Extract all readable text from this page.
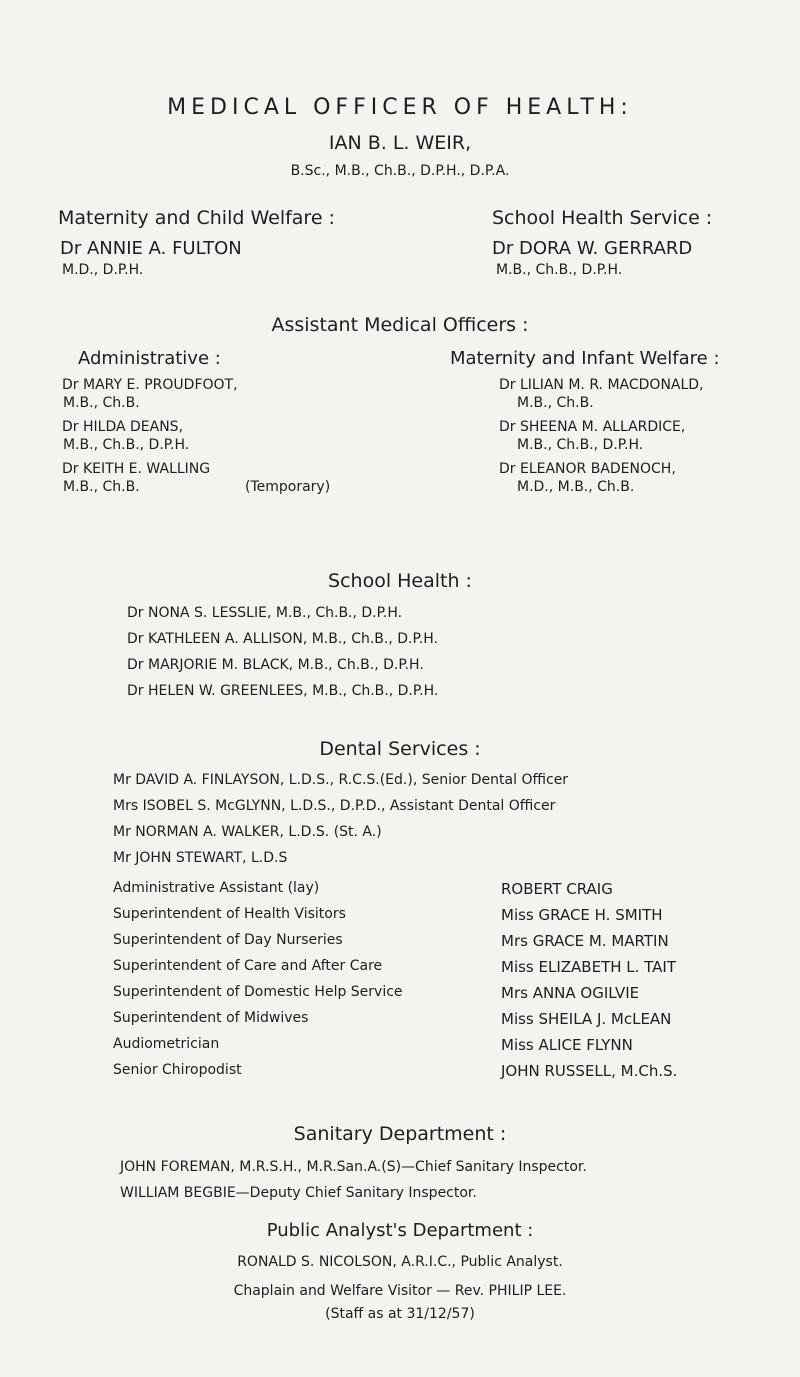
MEDICAL OFFICER OF HEALTH:
IAN B. L. WEIR,
B.Sc., M.B., Ch.B., D.P.H., D.P.A.
Maternity and Child Welfare :
Dr ANNIE A. FULTON
M.D., D.P.H.
School Health Service :
Dr DORA W. GERRARD
M.B., Ch.B., D.P.H.
Assistant Medical Officers :
Administrative :
Dr MARY E. PROUDFOOT,
M.B., Ch.B.
Dr HILDA DEANS,
M.B., Ch.B., D.P.H.
Dr KEITH E. WALLING
M.B., Ch.B.	(Temporary)
Maternity and Infant Welfare :
Dr LILIAN M. R. MACDONALD,
M.B., Ch.B.
Dr SHEENA M. ALLARDICE,
M.B., Ch.B., D.P.H.
Dr ELEANOR BADENOCH,
M.D., M.B., Ch.B.
School Health :
Dr NONA S. LESSLIE, M.B., Ch.B., D.P.H.
Dr KATHLEEN A. ALLISON, M.B., Ch.B., D.P.H.
Dr MARJORIE M. BLACK, M.B., Ch.B., D.P.H.
Dr HELEN W. GREENLEES, M.B., Ch.B., D.P.H.
Dental Services :
Mr DAVID A. FINLAYSON, L.D.S., R.C.S.(Ed.), Senior Dental Officer
Mrs ISOBEL S. McGLYNN, L.D.S., D.P.D., Assistant Dental Officer
Mr NORMAN A. WALKER, L.D.S. (St. A.)
Mr JOHN STEWART, L.D.S
Administrative Assistant (lay)	ROBERT CRAIG
Superintendent of Health Visitors	Miss GRACE H. SMITH
Superintendent of Day Nurseries	Mrs GRACE M. MARTIN
Superintendent of Care and After Care	Miss ELIZABETH L. TAIT
Superintendent of Domestic Help Service	Mrs ANNA OGILVIE
Superintendent of Midwives	Miss SHEILA J. McLEAN
Audiometrician	Miss ALICE FLYNN
Senior Chiropodist	JOHN RUSSELL, M.Ch.S.
Sanitary Department :
JOHN FOREMAN, M.R.S.H., M.R.San.A.(S)—Chief Sanitary Inspector.
WILLIAM BEGBIE—Deputy Chief Sanitary Inspector.
Public Analyst's Department :
RONALD S. NICOLSON, A.R.I.C., Public Analyst.
Chaplain and Welfare Visitor — Rev. PHILIP LEE.
(Staff as at 31/12/57)
